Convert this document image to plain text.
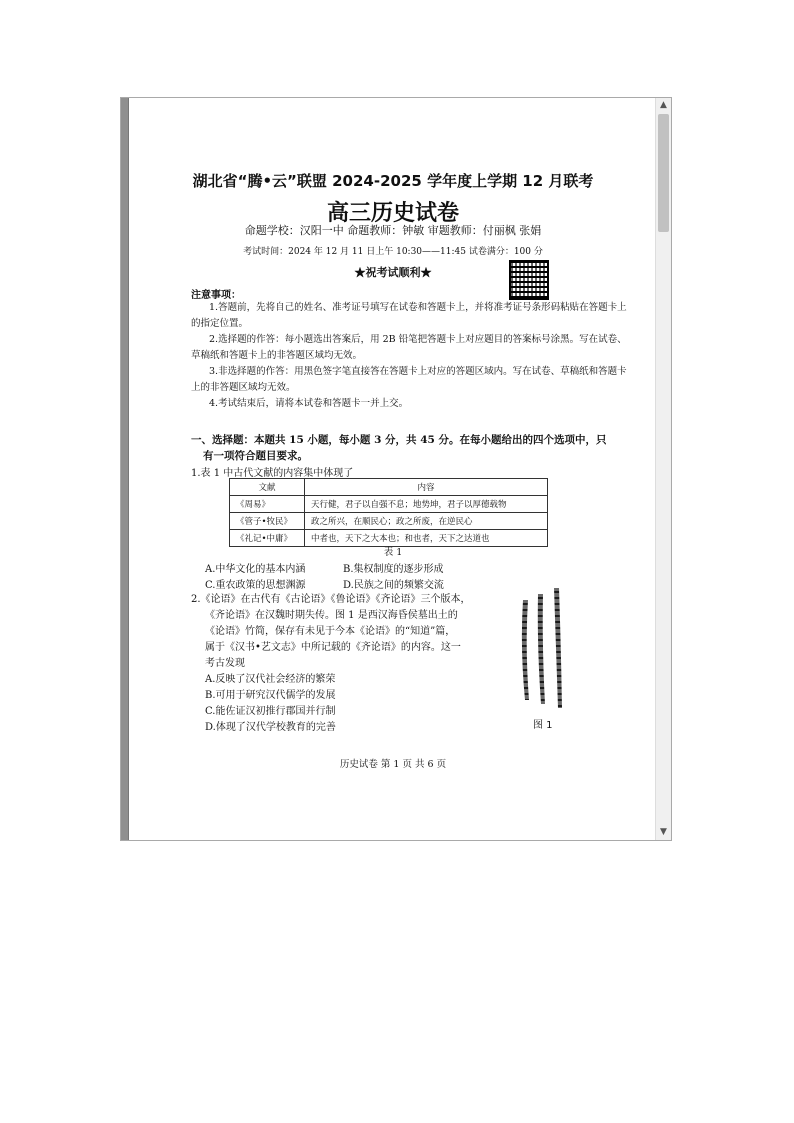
湖北省“腾•云”联盟 2024-2025 学年度上学期 12 月联考
高三历史试卷
命题学校：汉阳一中 命题教师：钟敏 审题教师：付丽枫 张娟
考试时间：2024 年 12 月 11 日上午 10:30——11:45 试卷满分：100 分
★祝考试顺利★
注意事项：

1.答题前，先将自己的姓名、准考证号填写在试卷和答题卡上，并将准考证号条形码粘贴在答题卡上的指定位置。

2.选择题的作答：每小题选出答案后，用 2B 铅笔把答题卡上对应题目的答案标号涂黑。写在试卷、草稿纸和答题卡上的非答题区域均无效。

3.非选择题的作答：用黑色签字笔直接答在答题卡上对应的答题区域内。写在试卷、草稿纸和答题卡上的非答题区域均无效。

4.考试结束后，请将本试卷和答题卡一并上交。

一、选择题：本题共 15 小题，每小题 3 分，共 45 分。在每小题给出的四个选项中，只
有一项符合题目要求。
1.表 1 中古代文献的内容集中体现了
文献	内容
《周易》	天行健，君子以自强不息；地势坤，君子以厚德载物
《管子•牧民》	政之所兴，在顺民心；政之所废，在逆民心
《礼记•中庸》	中者也，天下之大本也；和也者，天下之达道也
表 1
A.中华文化的基本内涵	B.集权制度的逐步形成
C.重农政策的思想渊源	D.民族之间的频繁交流
2.《论语》在古代有《古论语》《鲁论语》《齐论语》三个版本，
《齐论语》在汉魏时期失传。图 1 是西汉海昏侯墓出土的
《论语》竹简，保存有未见于今本《论语》的“知道”篇，
属于《汉书•艺文志》中所记载的《齐论语》的内容。这一
考古发现
A.反映了汉代社会经济的繁荣
B.可用于研究汉代儒学的发展
C.能佐证汉初推行郡国并行制
D.体现了汉代学校教育的完善	图 1
历史试卷 第 1 页 共 6 页
▲
▼
